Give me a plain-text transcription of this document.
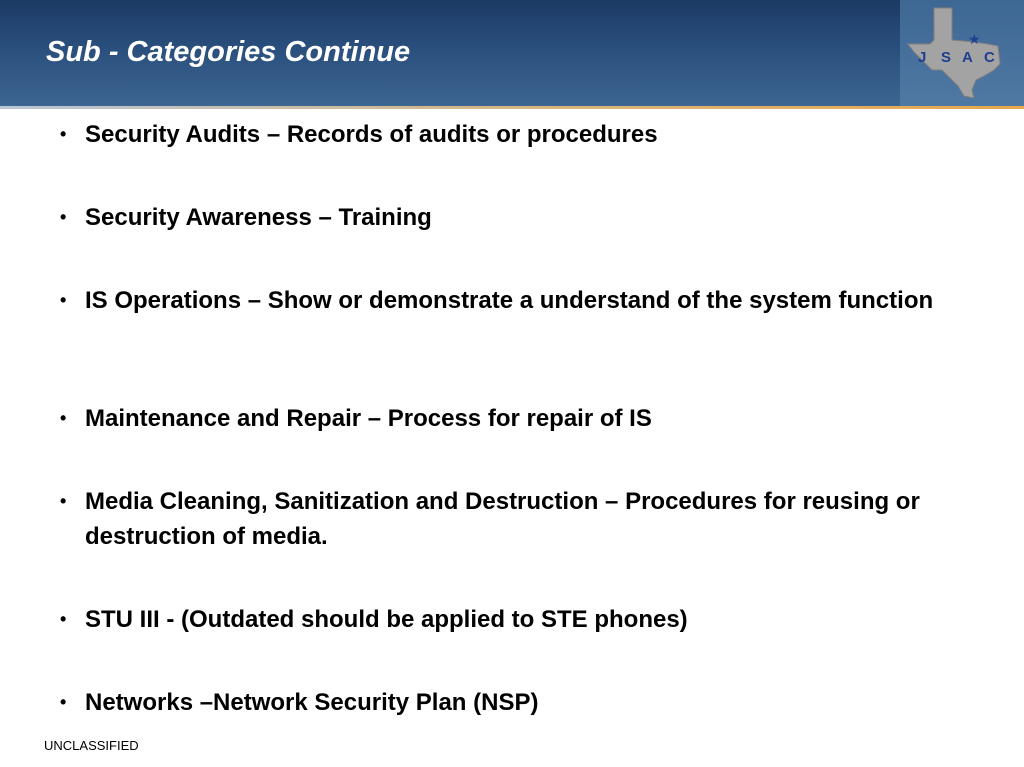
Sub - Categories Continue	★
J S A C
• Security Audits – Records of audits or procedures
• Security Awareness – Training
• IS Operations – Show or demonstrate a understand of the system function
• Maintenance and Repair – Process for repair of IS
• Media Cleaning, Sanitization and Destruction – Procedures for reusing or destruction of media.
• STU III - (Outdated should be applied to STE phones)
• Networks –Network Security Plan (NSP)
UNCLASSIFIED
